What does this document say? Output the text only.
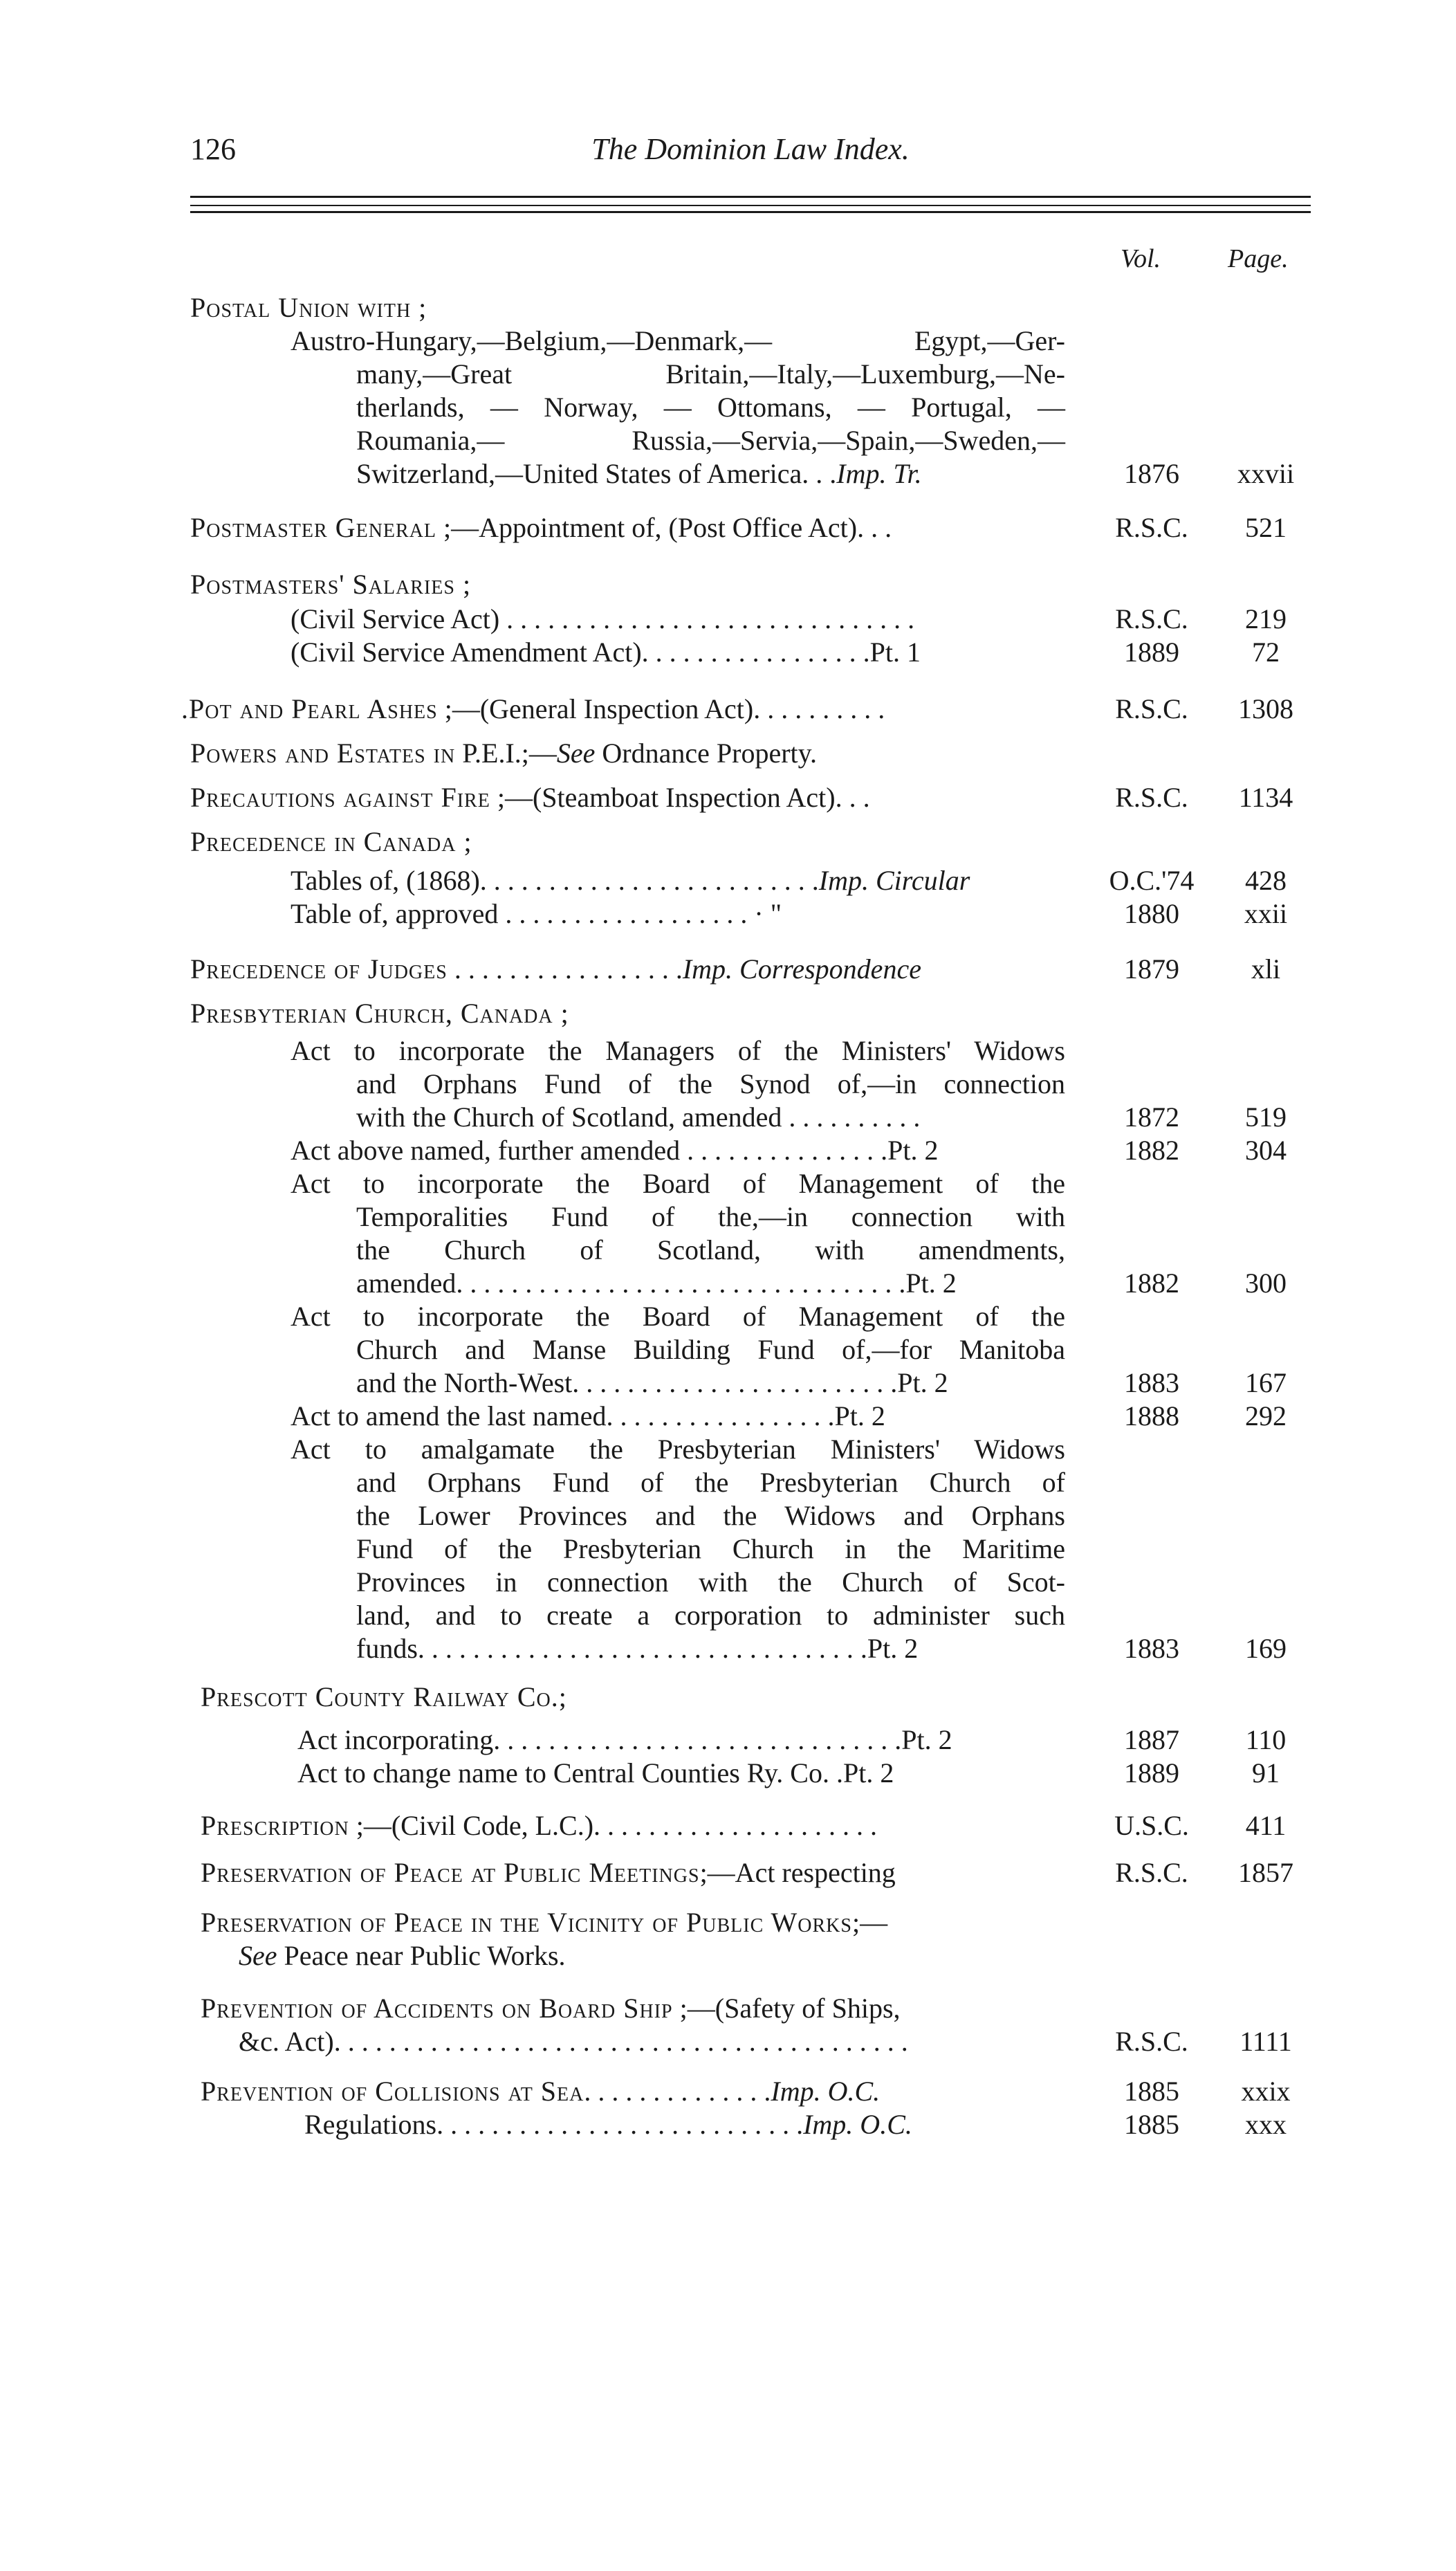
126	The Dominion Law Index.
Vol.	Page.
Postal Union with ;
Austro-Hungary,—Belgium,—Denmark,— Egypt,—Ger-
many,—Great Britain,—Italy,—Luxemburg,—Ne-
therlands, — Norway, — Ottomans, — Portugal, —
Roumania,— Russia,—Servia,—Spain,—Sweden,—
Switzerland,—United States of America. . .Imp. Tr.	1876	xxvii
Postmaster General ;—Appointment of, (Post Office Act). . .	R.S.C.	521
Postmasters' Salaries ;
(Civil Service Act) . . . . . . . . . . . . . . . . . . . . . . . . . . . . . .	R.S.C.	219
(Civil Service Amendment Act). . . . . . . . . . . . . . . . .Pt. 1	1889	72
.Pot and Pearl Ashes ;—(General Inspection Act). . . . . . . . . .	R.S.C.	1308
Powers and Estates in P.E.I.;—See Ordnance Property.
Precautions against Fire ;—(Steamboat Inspection Act). . .	R.S.C.	1134
Precedence in Canada ;
Tables of, (1868). . . . . . . . . . . . . . . . . . . . . . . . .Imp. Circular	O.C.'74	428
Table of, approved . . . . . . . . . . . . . . . . . . · "	1880	xxii
Precedence of Judges . . . . . . . . . . . . . . . . .Imp. Correspondence	1879	xli
Presbyterian Church, Canada ;
Act to incorporate the Managers of the Ministers' Widows
and Orphans Fund of the Synod of,—in connection
with the Church of Scotland, amended . . . . . . . . . .	1872	519
Act above named, further amended . . . . . . . . . . . . . . .Pt. 2	1882	304
Act to incorporate the Board of Management of the
Temporalities Fund of the,—in connection with
the Church of Scotland, with amendments,
amended. . . . . . . . . . . . . . . . . . . . . . . . . . . . . . . . .Pt. 2	1882	300
Act to incorporate the Board of Management of the
Church and Manse Building Fund of,—for Manitoba
and the North-West. . . . . . . . . . . . . . . . . . . . . . . .Pt. 2	1883	167
Act to amend the last named. . . . . . . . . . . . . . . . .Pt. 2	1888	292
Act to amalgamate the Presbyterian Ministers' Widows
and Orphans Fund of the Presbyterian Church of
the Lower Provinces and the Widows and Orphans
Fund of the Presbyterian Church in the Maritime
Provinces in connection with the Church of Scot-
land, and to create a corporation to administer such
funds. . . . . . . . . . . . . . . . . . . . . . . . . . . . . . . . .Pt. 2	1883	169
Prescott County Railway Co.;
Act incorporating. . . . . . . . . . . . . . . . . . . . . . . . . . . . . .Pt. 2	1887	110
Act to change name to Central Counties Ry. Co. .Pt. 2	1889	91
Prescription ;—(Civil Code, L.C.). . . . . . . . . . . . . . . . . . . . .	U.S.C.	411
Preservation of Peace at Public Meetings;—Act respecting	R.S.C.	1857
Preservation of Peace in the Vicinity of Public Works;—
See Peace near Public Works.
Prevention of Accidents on Board Ship ;—(Safety of Ships,
&c. Act). . . . . . . . . . . . . . . . . . . . . . . . . . . . . . . . . . . . . . . . . .	R.S.C.	1111
Prevention of Collisions at Sea. . . . . . . . . . . . . .Imp. O.C.	1885	xxix
Regulations. . . . . . . . . . . . . . . . . . . . . . . . . . .Imp. O.C.	1885	xxx
